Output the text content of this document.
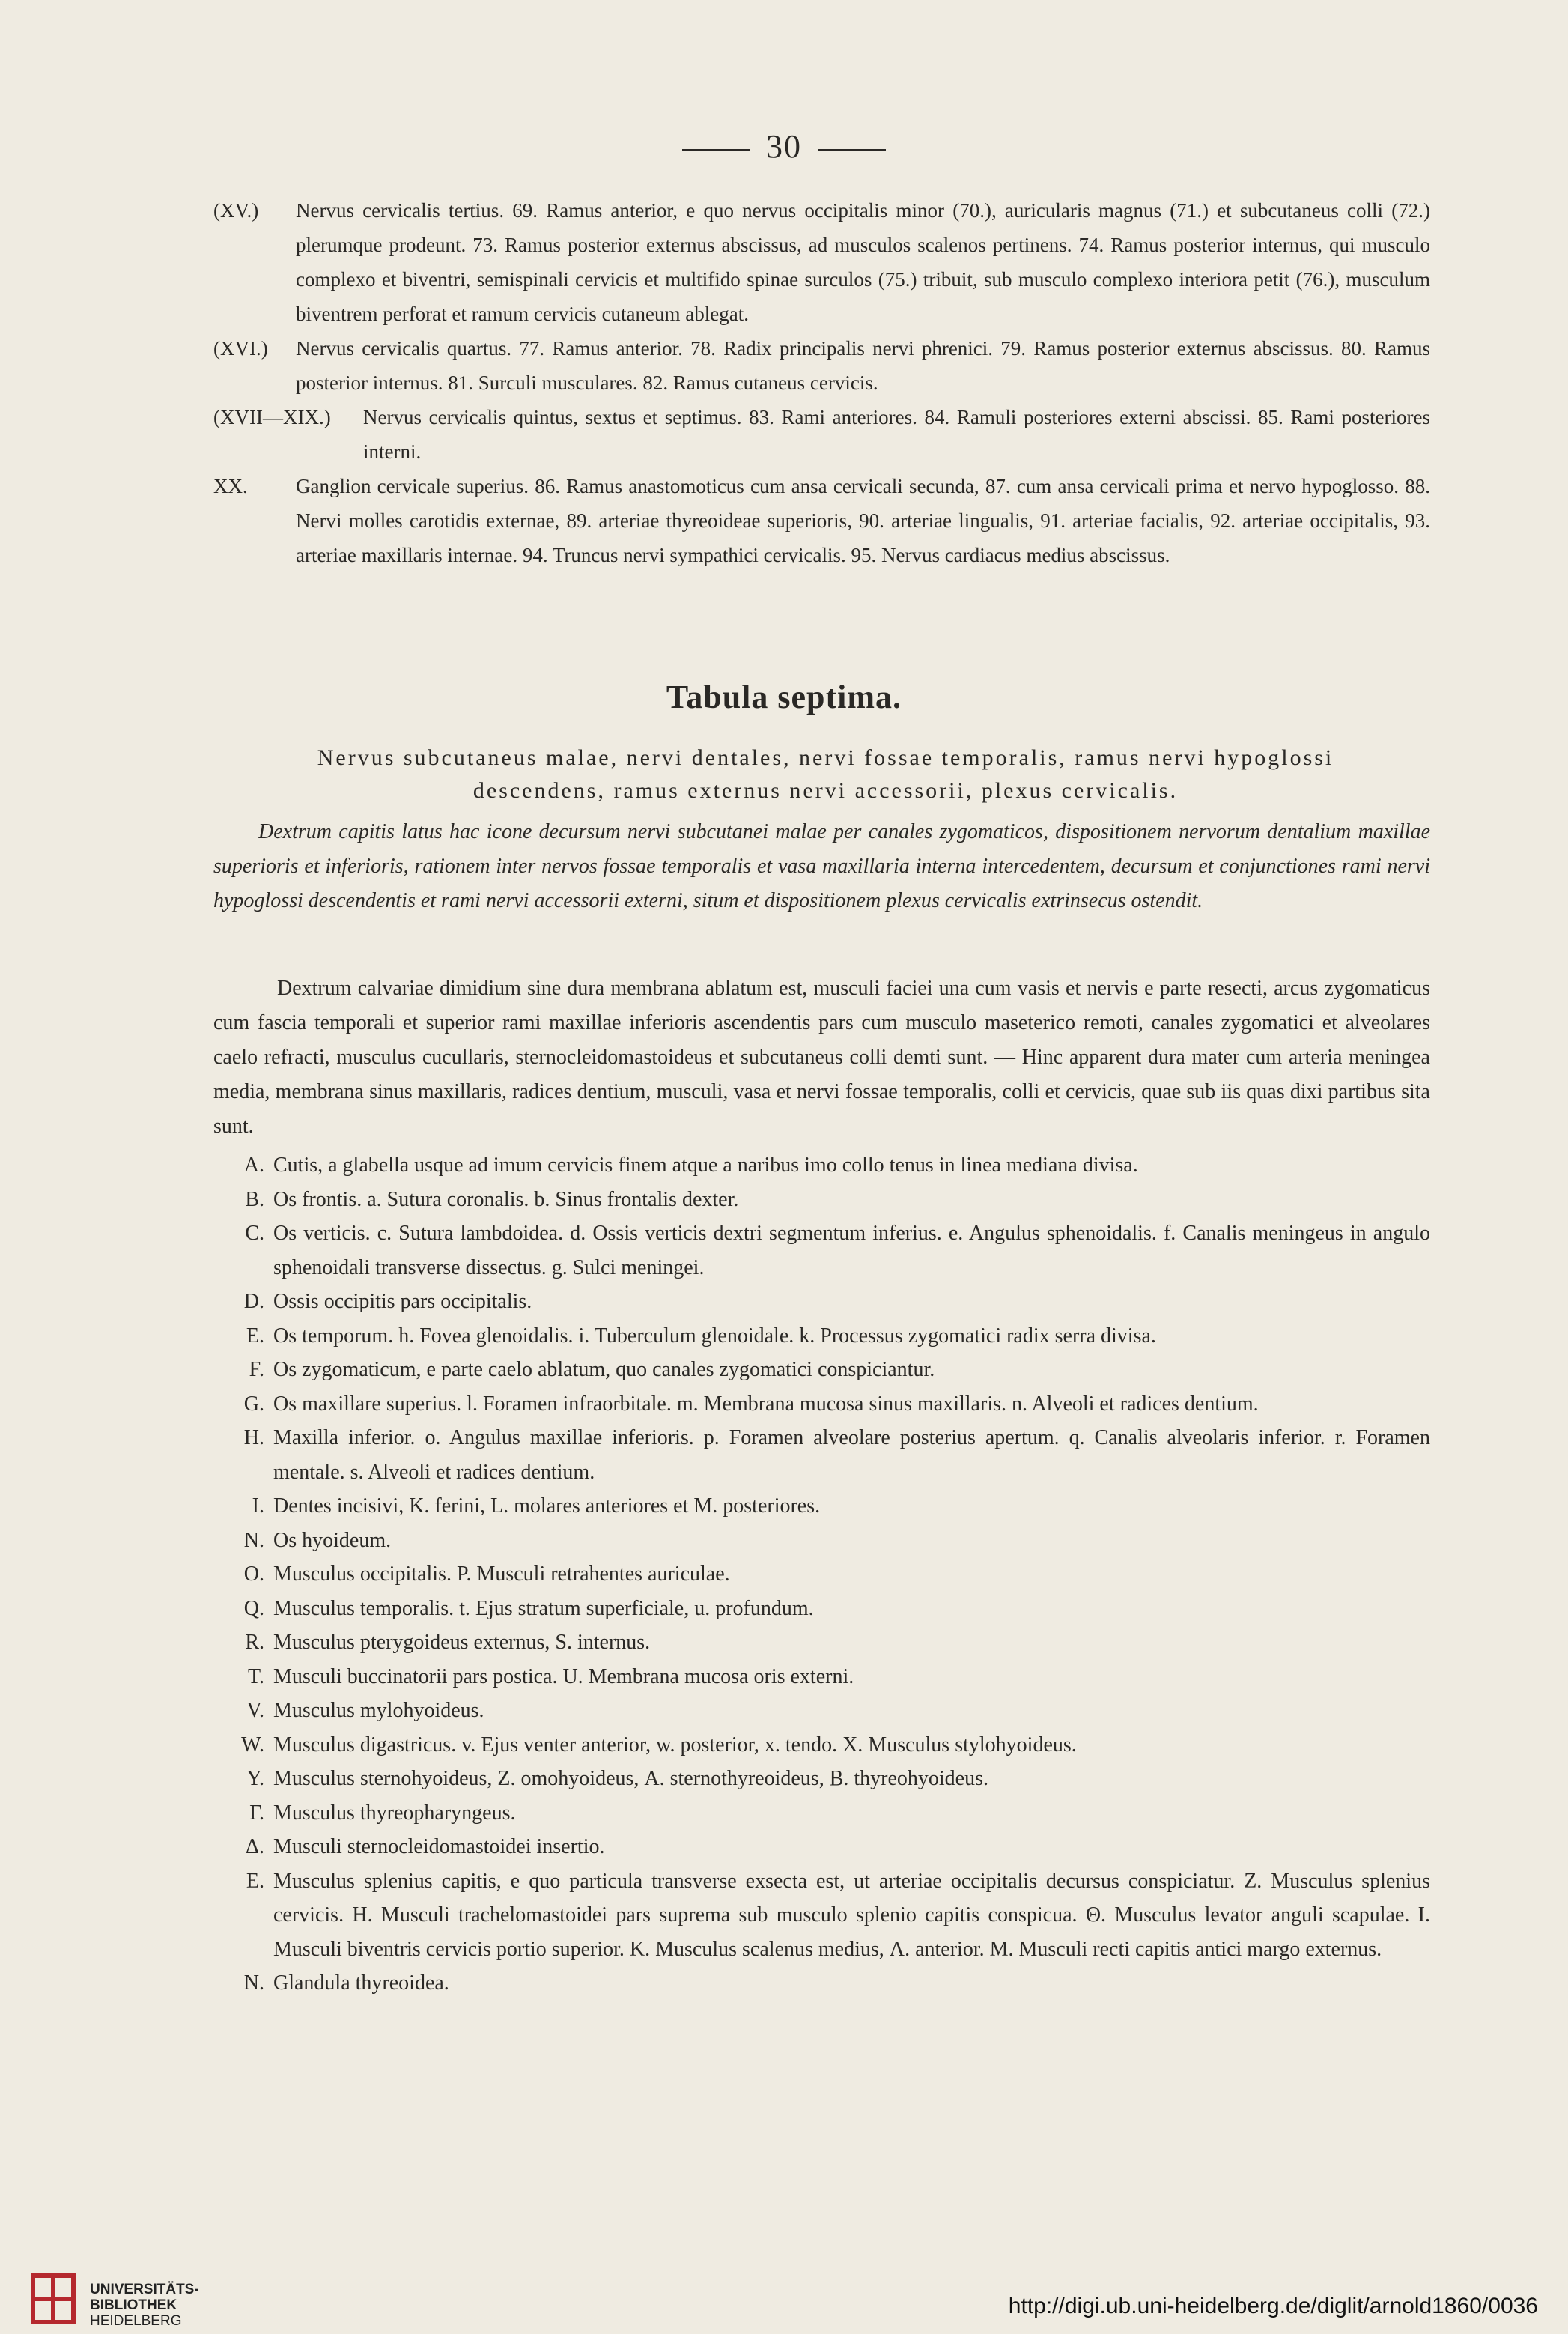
30
(XV.) Nervus cervicalis tertius. 69. Ramus anterior, e quo nervus occipitalis minor (70.), auricularis magnus (71.) et subcutaneus colli (72.) plerumque prodeunt. 73. Ramus posterior externus abscissus, ad musculos scalenos pertinens. 74. Ramus posterior internus, qui musculo complexo et biventri, semispinali cervicis et multifido spinae surculos (75.) tribuit, sub musculo complexo interiora petit (76.), musculum biventrem perforat et ramum cervicis cutaneum ablegat.
(XVI.) Nervus cervicalis quartus. 77. Ramus anterior. 78. Radix principalis nervi phrenici. 79. Ramus posterior externus abscissus. 80. Ramus posterior internus. 81. Surculi musculares. 82. Ramus cutaneus cervicis.
(XVII—XIX.) Nervus cervicalis quintus, sextus et septimus. 83. Rami anteriores. 84. Ramuli posteriores externi abscissi. 85. Rami posteriores interni.
XX. Ganglion cervicale superius. 86. Ramus anastomoticus cum ansa cervicali secunda, 87. cum ansa cervicali prima et nervo hypoglosso. 88. Nervi molles carotidis externae, 89. arteriae thyreoideae superioris, 90. arteriae lingualis, 91. arteriae facialis, 92. arteriae occipitalis, 93. arteriae maxillaris internae. 94. Truncus nervi sympathici cervicalis. 95. Nervus cardiacus medius abscissus.
Tabula septima.
Nervus subcutaneus malae, nervi dentales, nervi fossae temporalis, ramus nervi hypoglossi descendens, ramus externus nervi accessorii, plexus cervicalis.
Dextrum capitis latus hac icone decursum nervi subcutanei malae per canales zygomaticos, dispositionem nervorum dentalium maxillae superioris et inferioris, rationem inter nervos fossae temporalis et vasa maxillaria interna intercedentem, decursum et conjunctiones rami nervi hypoglossi descendentis et rami nervi accessorii externi, situm et dispositionem plexus cervicalis extrinsecus ostendit.
Dextrum calvariae dimidium sine dura membrana ablatum est, musculi faciei una cum vasis et nervis e parte resecti, arcus zygomaticus cum fascia temporali et superior rami maxillae inferioris ascendentis pars cum musculo maseterico remoti, canales zygomatici et alveolares caelo refracti, musculus cucullaris, sternocleidomastoideus et subcutaneus colli demti sunt. — Hinc apparent dura mater cum arteria meningea media, membrana sinus maxillaris, radices dentium, musculi, vasa et nervi fossae temporalis, colli et cervicis, quae sub iis quas dixi partibus sita sunt.
A. Cutis, a glabella usque ad imum cervicis finem atque a naribus imo collo tenus in linea mediana divisa.
B. Os frontis. a. Sutura coronalis. b. Sinus frontalis dexter.
C. Os verticis. c. Sutura lambdoidea. d. Ossis verticis dextri segmentum inferius. e. Angulus sphenoidalis. f. Canalis meningeus in angulo sphenoidali transverse dissectus. g. Sulci meningei.
D. Ossis occipitis pars occipitalis.
E. Os temporum. h. Fovea glenoidalis. i. Tuberculum glenoidale. k. Processus zygomatici radix serra divisa.
F. Os zygomaticum, e parte caelo ablatum, quo canales zygomatici conspiciantur.
G. Os maxillare superius. l. Foramen infraorbitale. m. Membrana mucosa sinus maxillaris. n. Alveoli et radices dentium.
H. Maxilla inferior. o. Angulus maxillae inferioris. p. Foramen alveolare posterius apertum. q. Canalis alveolaris inferior. r. Foramen mentale. s. Alveoli et radices dentium.
I. Dentes incisivi, K. ferini, L. molares anteriores et M. posteriores.
N. Os hyoideum.
O. Musculus occipitalis. P. Musculi retrahentes auriculae.
Q. Musculus temporalis. t. Ejus stratum superficiale, u. profundum.
R. Musculus pterygoideus externus, S. internus.
T. Musculi buccinatorii pars postica. U. Membrana mucosa oris externi.
V. Musculus mylohyoideus.
W. Musculus digastricus. v. Ejus venter anterior, w. posterior, x. tendo. X. Musculus stylohyoideus.
Y. Musculus sternohyoideus, Z. omohyoideus, Α. sternothyreoideus, Β. thyreohyoideus.
Γ. Musculus thyreopharyngeus.
Δ. Musculi sternocleidomastoidei insertio.
Ε. Musculus splenius capitis, e quo particula transverse exsecta est, ut arteriae occipitalis decursus conspiciatur. Ζ. Musculus splenius cervicis. Η. Musculi trachelomastoidei pars suprema sub musculo splenio capitis conspicua. Θ. Musculus levator anguli scapulae. Ι. Musculi biventris cervicis portio superior. Κ. Musculus scalenus medius, Λ. anterior. Μ. Musculi recti capitis antici margo externus.
Ν. Glandula thyreoidea.
UNIVERSITÄTS-
BIBLIOTHEK
HEIDELBERG
http://digi.ub.uni-heidelberg.de/diglit/arnold1860/0036
